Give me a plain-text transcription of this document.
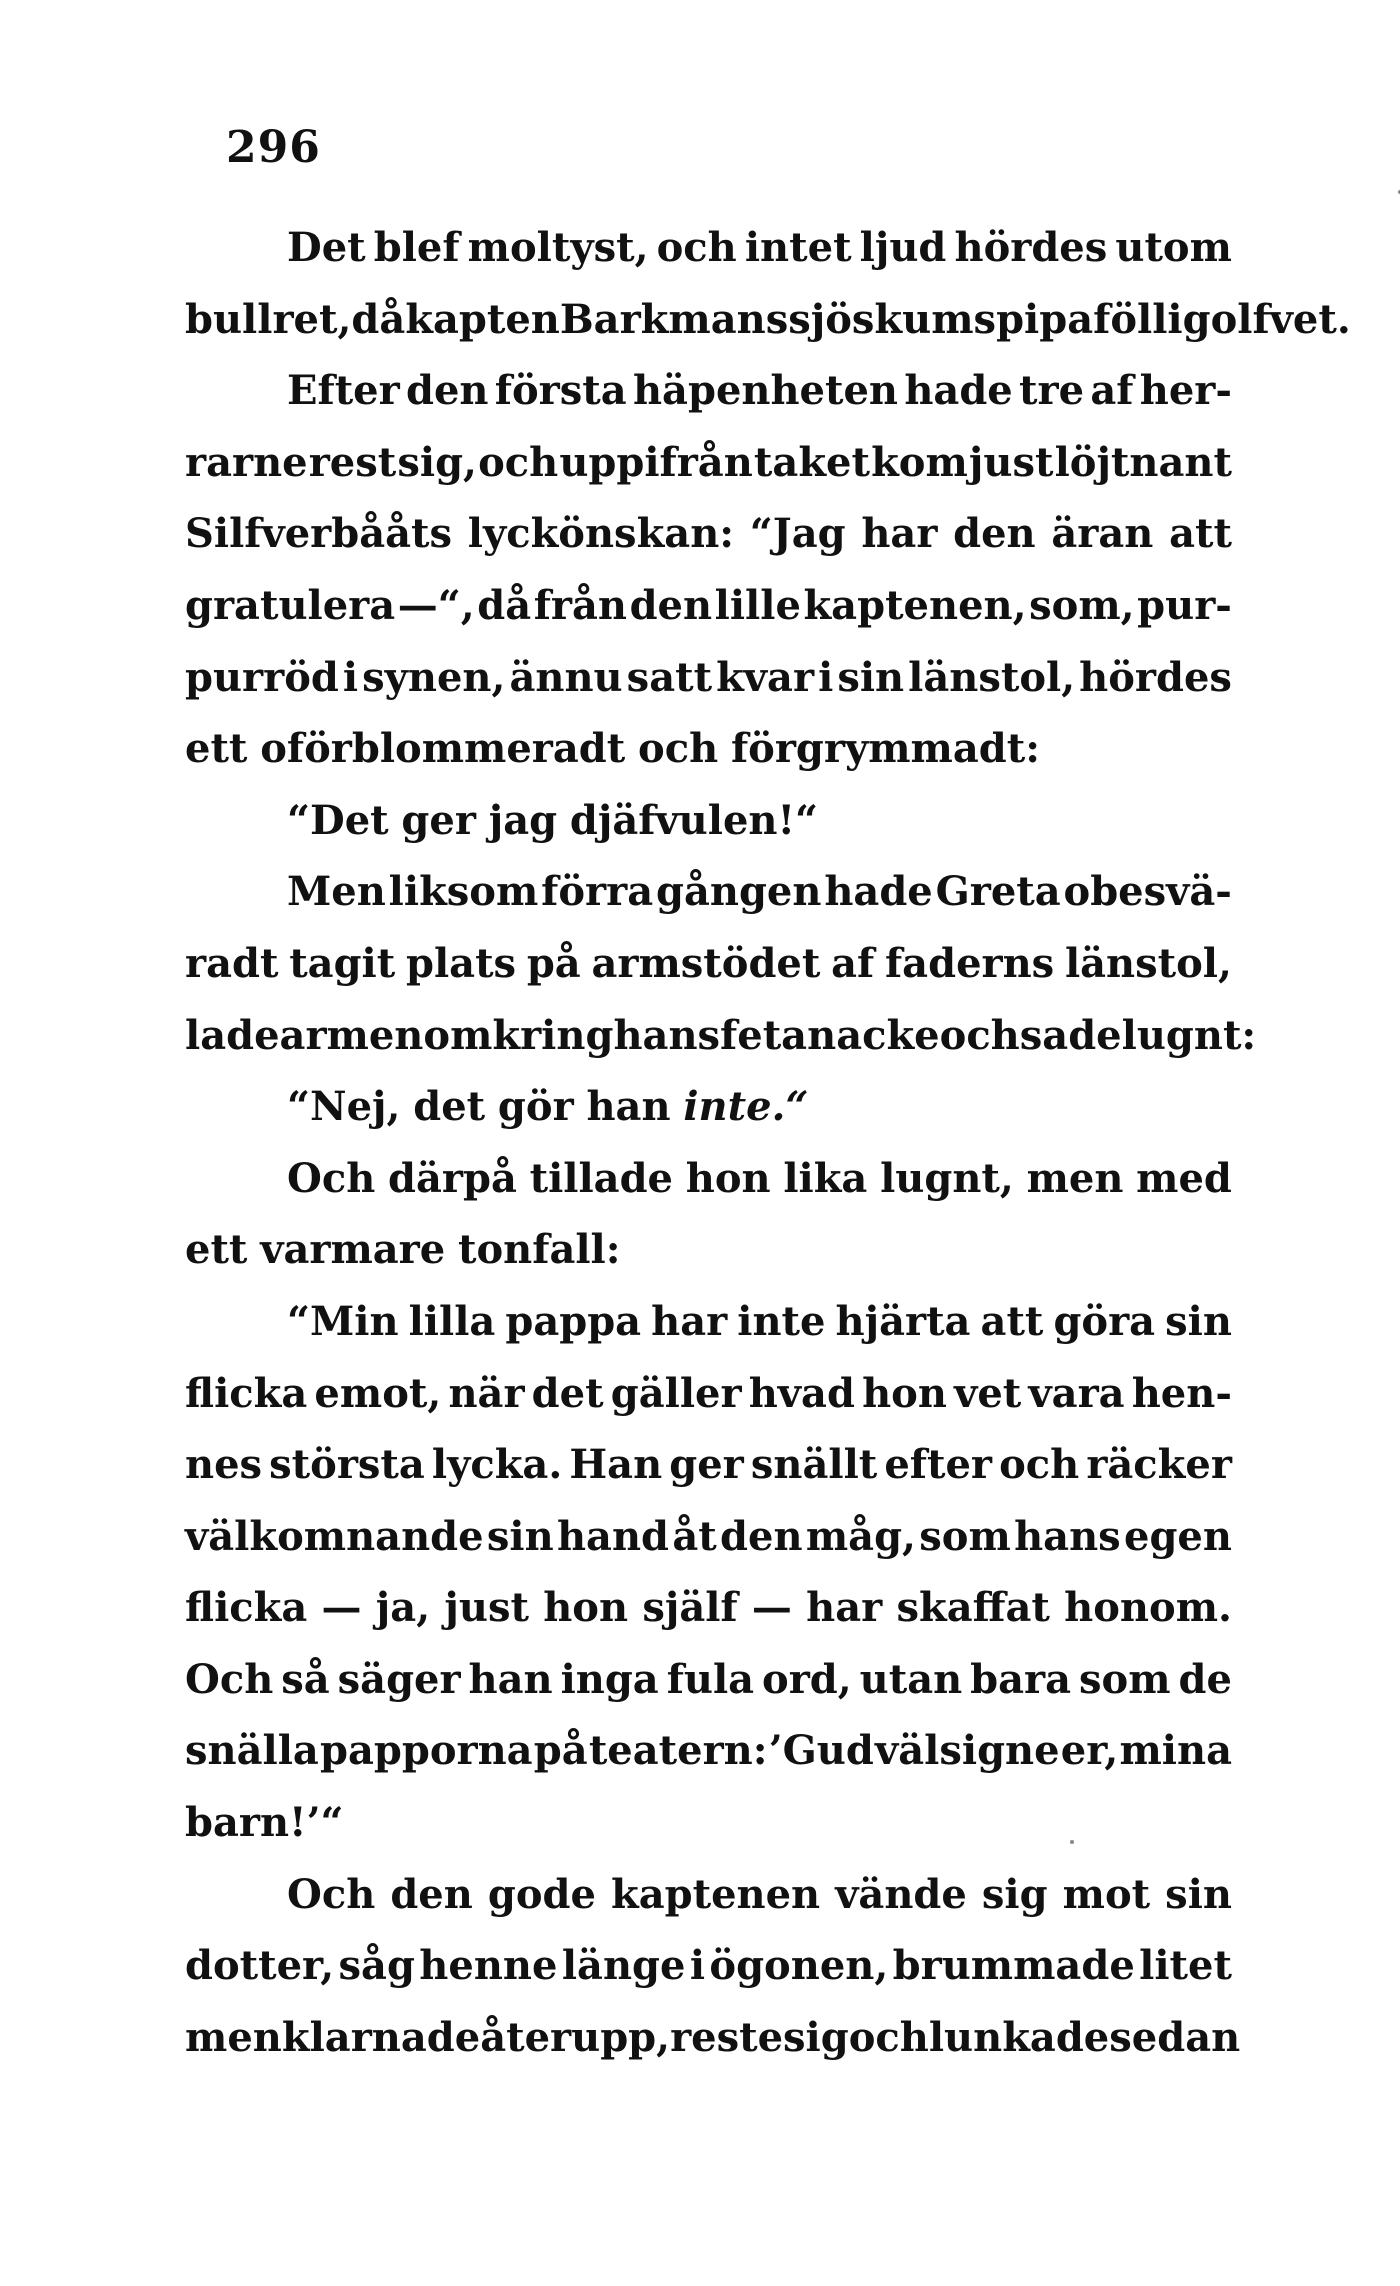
296
Det blef moltyst, och intet ljud hördes utom
bullret, då kapten Barkmans sjöskumspipa föll i golfvet.
Efter den första häpenheten hade tre af her-
rarne rest sig, och uppifrån taket kom just löjtnant
Silfverbååts lyckönskan: “Jag har den äran att
gratulera —“, då från den lille kaptenen, som, pur-
purröd i synen, ännu satt kvar i sin länstol, hördes
ett oförblommeradt och förgrymmadt:
“Det ger jag djäfvulen!“
Men liksom förra gången hade Greta obesvä-
radt tagit plats på armstödet af faderns länstol,
lade armen omkring hans feta nacke och sade lugnt:
“Nej, det gör han inte.“
Och därpå tillade hon lika lugnt, men med
ett varmare tonfall:
“Min lilla pappa har inte hjärta att göra sin
flicka emot, när det gäller hvad hon vet vara hen-
nes största lycka. Han ger snällt efter och räcker
välkomnande sin hand åt den måg, som hans egen
flicka — ja, just hon själf — har skaffat honom.
Och så säger han inga fula ord, utan bara som de
snälla papporna på teatern: ’Gud välsigne er, mina
barn!’“
Och den gode kaptenen vände sig mot sin
dotter, såg henne länge i ögonen, brummade litet
men klarnade åter upp, reste sig och lunkade sedan
